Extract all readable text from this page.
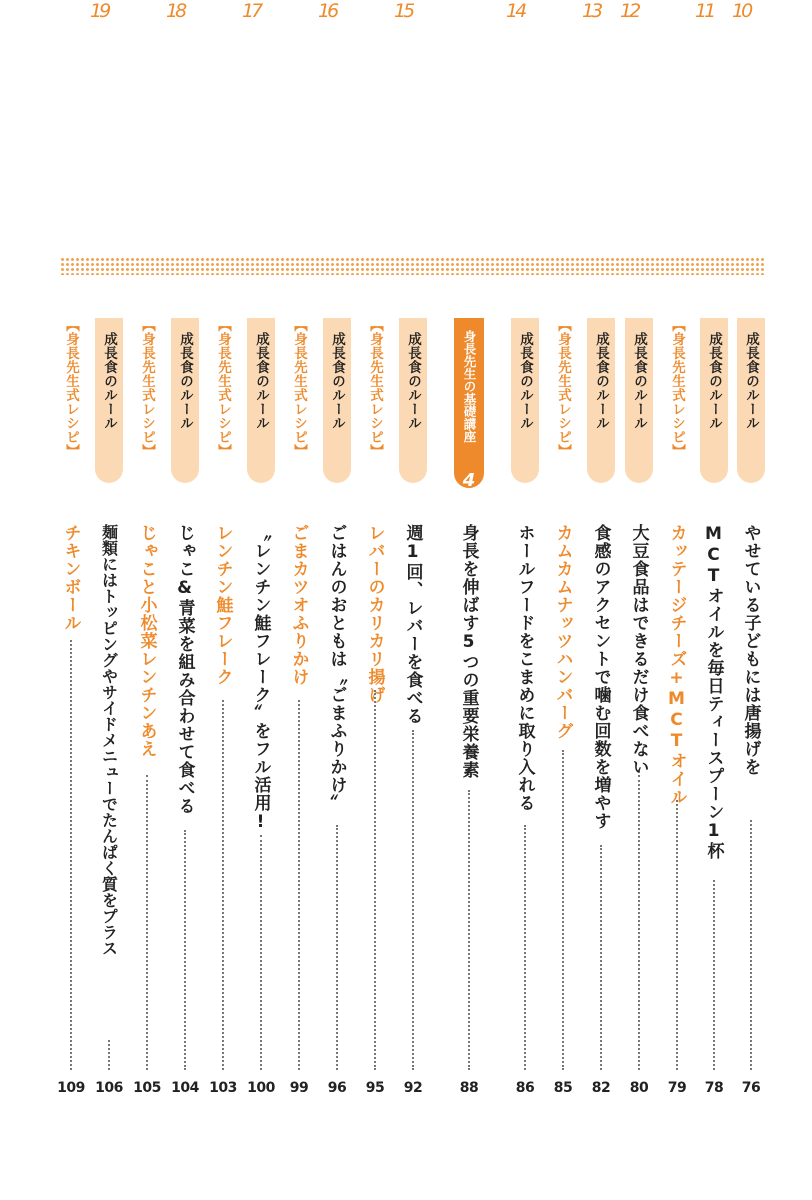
成長食のルール
10
やせている子どもには唐揚げを
76
成長食のルール
11
MCTオイルを毎日ティースプーン1杯
78
【身長先生式レシピ】
カッテージチーズ+MCTオイル
79
成長食のルール
12
大豆食品はできるだけ食べない
80
成長食のルール
13
食感のアクセントで噛む回数を増やす
82
【身長先生式レシピ】
カムカムナッツハンバーグ
85
成長食のルール
14
ホールフードをこまめに取り入れる
86
身長先生の基礎講座
4
身長を伸ばす5つの重要栄養素
88
成長食のルール
15
週1回、レバーを食べる
92
【身長先生式レシピ】
レバーのカリカリ揚げ
95
成長食のルール
16
ごはんのおともは〝ごまふりかけ〟
96
【身長先生式レシピ】
ごまカツオふりかけ
99
成長食のルール
17
〝レンチン鮭フレーク〟をフル活用!
100
【身長先生式レシピ】
レンチン鮭フレーク
103
成長食のルール
18
じゃこ&青菜を組み合わせて食べる
104
【身長先生式レシピ】
じゃこと小松菜レンチンあえ
105
成長食のルール
19
麺類にはトッピングやサイドメニューでたんぱく質をプラス
106
【身長先生式レシピ】
チキンボール
109
